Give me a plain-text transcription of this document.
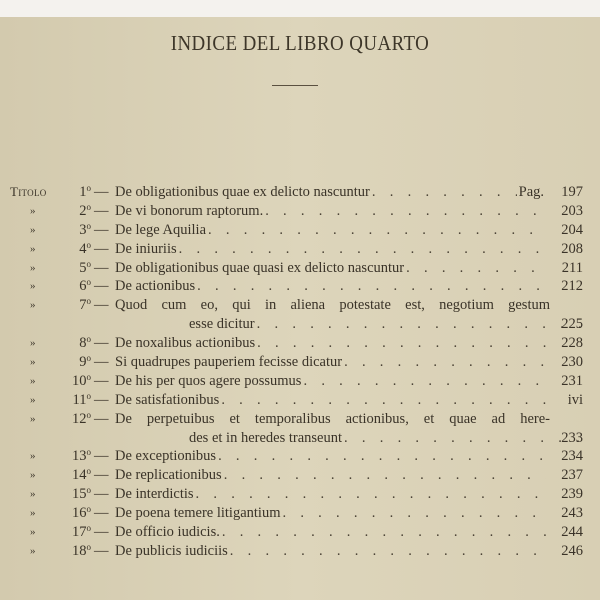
INDICE DEL LIBRO QUARTO
Titolo	1$^o$ — De obligationibus quae ex delicto nascuntur . . .	Pag. 197
»	2$^o$ — De vi bonorum raptorum. . . .	203
»	3$^o$ — De lege Aquilia . . .	204
»	4$^o$ — De iniuriis . . .	208
»	5$^o$ — De obligationibus quae quasi ex delicto nascuntur . . .	211
»	6$^o$ — De actionibus . . .	212
»	7$^o$ — Quod cum eo, qui in aliena potestate est, negotium gestum
esse dicitur . . .	225
»	8$^o$ — De noxalibus actionibus . . .	228
»	9$^o$ — Si quadrupes pauperiem fecisse dicatur . . .	230
»	10$^o$ — De his per quos agere possumus . . .	231
»	11$^o$ — De satisfationibus . . .	ivi
»	12$^o$ — De perpetuibus et temporalibus actionibus, et quae ad here-
des et in heredes transeunt . . .	233
»	13$^o$ — De exceptionibus . . .	234
»	14$^o$ — De replicationibus . . .	237
»	15$^o$ — De interdictis . . .	239
»	16$^o$ — De poena temere litigantium . . .	243
»	17$^o$ — De officio iudicis. . . .	244
»	18$^o$ — De publicis iudiciis . . .	246
